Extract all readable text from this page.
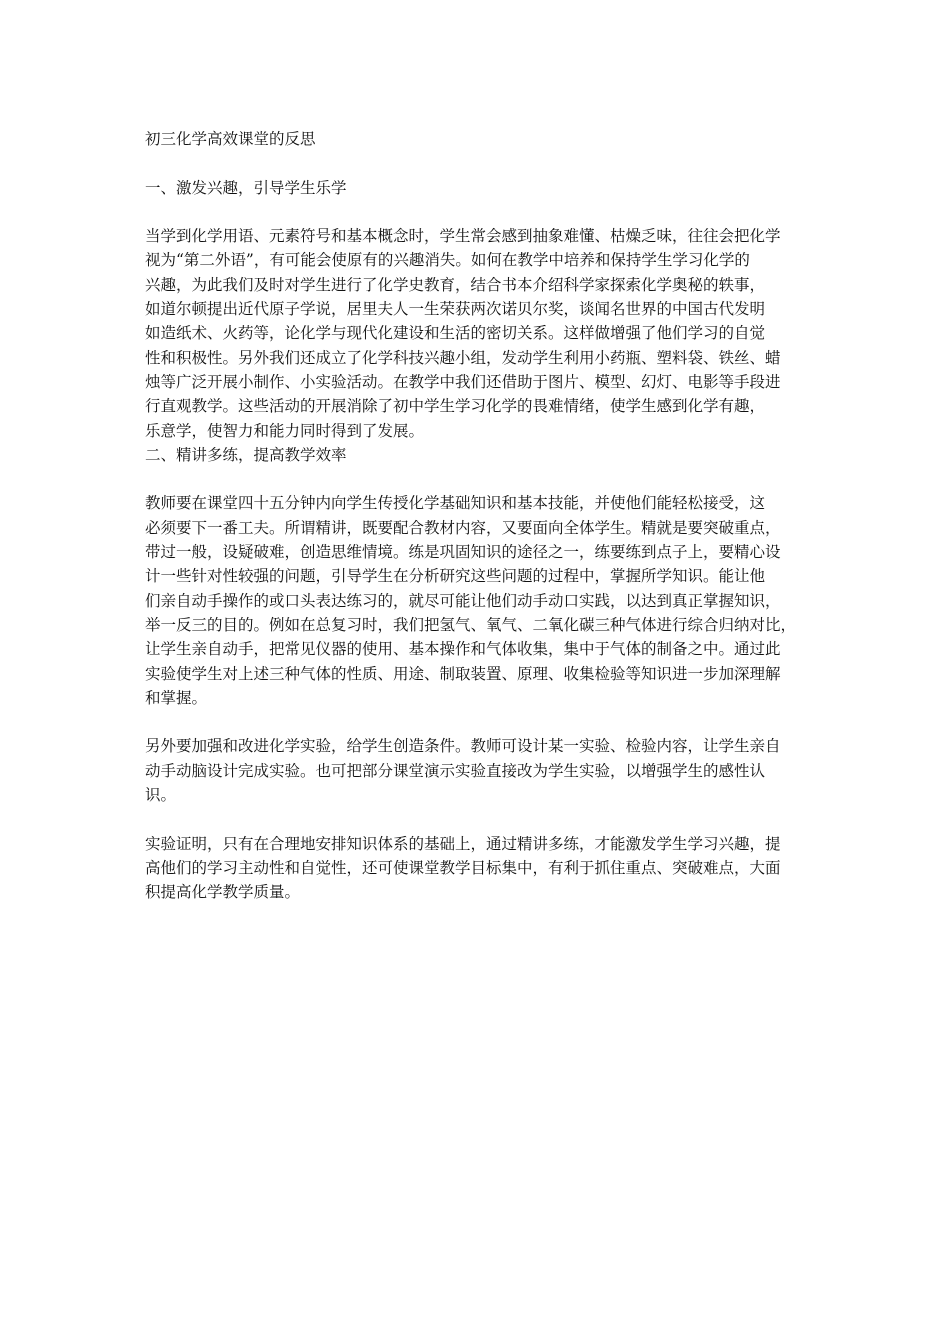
初三化学高效课堂的反思
一、激发兴趣，引导学生乐学
当学到化学用语、元素符号和基本概念时，学生常会感到抽象难懂、枯燥乏味，往往会把化学
视为“第二外语”，有可能会使原有的兴趣消失。如何在教学中培养和保持学生学习化学的
兴趣，为此我们及时对学生进行了化学史教育，结合书本介绍科学家探索化学奥秘的轶事，
如道尔顿提出近代原子学说，居里夫人一生荣获两次诺贝尔奖，谈闻名世界的中国古代发明
如造纸术、火药等，论化学与现代化建设和生活的密切关系。这样做增强了他们学习的自觉
性和积极性。另外我们还成立了化学科技兴趣小组，发动学生利用小药瓶、塑料袋、铁丝、蜡
烛等广泛开展小制作、小实验活动。在教学中我们还借助于图片、模型、幻灯、电影等手段进
行直观教学。这些活动的开展消除了初中学生学习化学的畏难情绪，使学生感到化学有趣，
乐意学，使智力和能力同时得到了发展。
二、精讲多练，提高教学效率
教师要在课堂四十五分钟内向学生传授化学基础知识和基本技能，并使他们能轻松接受，这
必须要下一番工夫。所谓精讲，既要配合教材内容，又要面向全体学生。精就是要突破重点，
带过一般，设疑破难，创造思维情境。练是巩固知识的途径之一，练要练到点子上，要精心设
计一些针对性较强的问题，引导学生在分析研究这些问题的过程中，掌握所学知识。能让他
们亲自动手操作的或口头表达练习的，就尽可能让他们动手动口实践，以达到真正掌握知识，
举一反三的目的。例如在总复习时，我们把氢气、氧气、二氧化碳三种气体进行综合归纳对比，
让学生亲自动手，把常见仪器的使用、基本操作和气体收集，集中于气体的制备之中。通过此
实验使学生对上述三种气体的性质、用途、制取装置、原理、收集检验等知识进一步加深理解
和掌握。
另外要加强和改进化学实验，给学生创造条件。教师可设计某一实验、检验内容，让学生亲自
动手动脑设计完成实验。也可把部分课堂演示实验直接改为学生实验，以增强学生的感性认
识。
实验证明，只有在合理地安排知识体系的基础上，通过精讲多练，才能激发学生学习兴趣，提
高他们的学习主动性和自觉性，还可使课堂教学目标集中，有利于抓住重点、突破难点，大面
积提高化学教学质量。
